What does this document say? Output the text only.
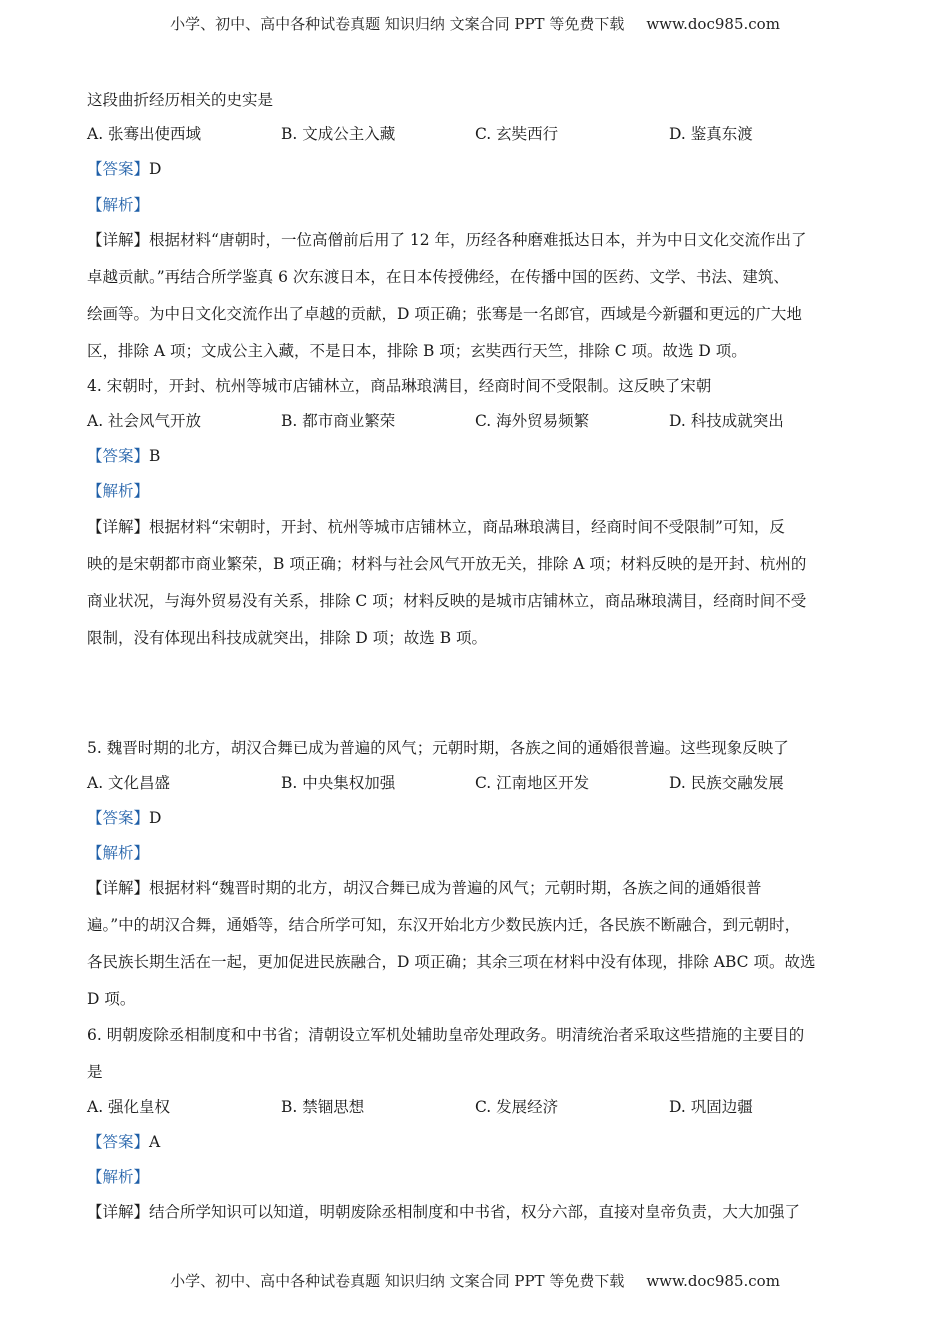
小学、初中、高中各种试卷真题 知识归纳 文案合同 PPT 等免费下载 www.doc985.com
这段曲折经历相关的史实是
A. 张骞出使西域	B. 文成公主入藏	C. 玄奘西行	D. 鉴真东渡
【答案】D
【解析】
【详解】根据材料“唐朝时，一位高僧前后用了 12 年，历经各种磨难抵达日本，并为中日文化交流作出了
卓越贡献。”再结合所学鉴真 6 次东渡日本，在日本传授佛经，在传播中国的医药、文学、书法、建筑、
绘画等。为中日文化交流作出了卓越的贡献，D 项正确；张骞是一名郎官，西域是今新疆和更远的广大地
区，排除 A 项；文成公主入藏，不是日本，排除 B 项；玄奘西行天竺，排除 C 项。故选 D 项。
4. 宋朝时，开封、杭州等城市店铺林立，商品琳琅满目，经商时间不受限制。这反映了宋朝
A. 社会风气开放	B. 都市商业繁荣	C. 海外贸易频繁	D. 科技成就突出
【答案】B
【解析】
【详解】根据材料“宋朝时，开封、杭州等城市店铺林立，商品琳琅满目，经商时间不受限制”可知，反
映的是宋朝都市商业繁荣，B 项正确；材料与社会风气开放无关，排除 A 项；材料反映的是开封、杭州的
商业状况，与海外贸易没有关系，排除 C 项；材料反映的是城市店铺林立，商品琳琅满目，经商时间不受
限制，没有体现出科技成就突出，排除 D 项；故选 B 项。
5. 魏晋时期的北方，胡汉合舞已成为普遍的风气；元朝时期，各族之间的通婚很普遍。这些现象反映了
A. 文化昌盛	B. 中央集权加强	C. 江南地区开发	D. 民族交融发展
【答案】D
【解析】
【详解】根据材料“魏晋时期的北方，胡汉合舞已成为普遍的风气；元朝时期，各族之间的通婚很普
遍。”中的胡汉合舞，通婚等，结合所学可知，东汉开始北方少数民族内迁，各民族不断融合，到元朝时，
各民族长期生活在一起，更加促进民族融合，D 项正确；其余三项在材料中没有体现，排除 ABC 项。故选
D 项。
6. 明朝废除丞相制度和中书省；清朝设立军机处辅助皇帝处理政务。明清统治者采取这些措施的主要目的
是
A. 强化皇权	B. 禁锢思想	C. 发展经济	D. 巩固边疆
【答案】A
【解析】
【详解】结合所学知识可以知道，明朝废除丞相制度和中书省，权分六部，直接对皇帝负责，大大加强了
小学、初中、高中各种试卷真题 知识归纳 文案合同 PPT 等免费下载 www.doc985.com
